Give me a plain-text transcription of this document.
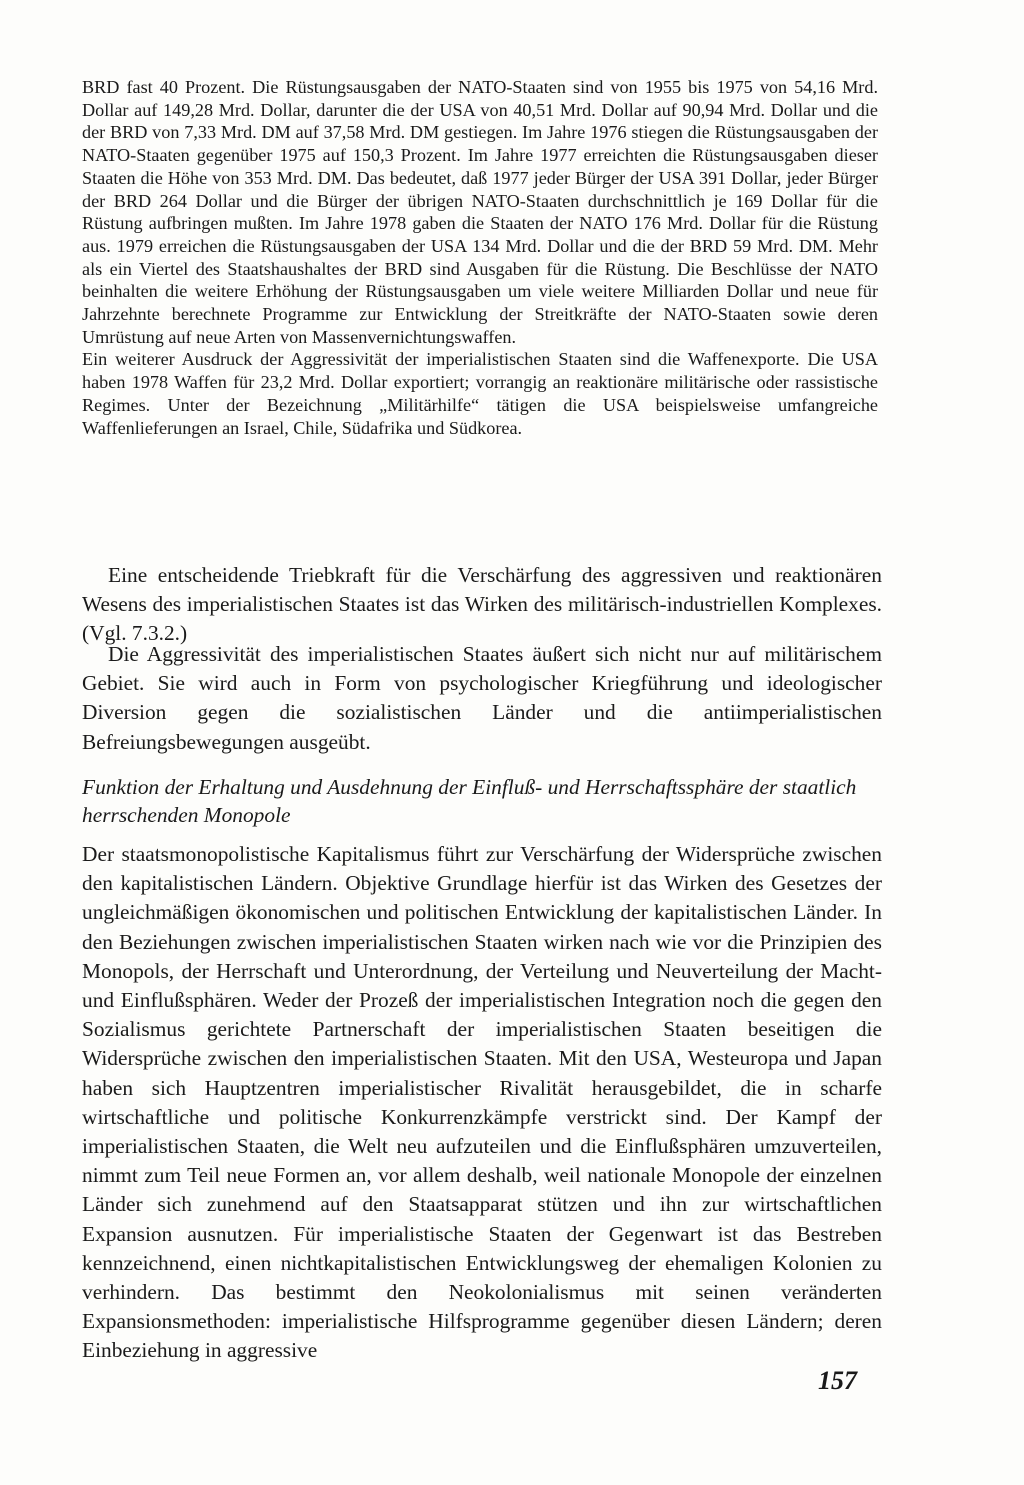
BRD fast 40 Prozent. Die Rüstungsausgaben der NATO-Staaten sind von 1955 bis 1975 von 54,16 Mrd. Dollar auf 149,28 Mrd. Dollar, darunter die der USA von 40,51 Mrd. Dollar auf 90,94 Mrd. Dollar und die der BRD von 7,33 Mrd. DM auf 37,58 Mrd. DM gestiegen. Im Jahre 1976 stiegen die Rüstungsausgaben der NATO-Staaten gegenüber 1975 auf 150,3 Prozent. Im Jahre 1977 erreichten die Rüstungsausgaben dieser Staaten die Höhe von 353 Mrd. DM. Das bedeutet, daß 1977 jeder Bürger der USA 391 Dollar, jeder Bürger der BRD 264 Dollar und die Bürger der übrigen NATO-Staaten durchschnittlich je 169 Dollar für die Rüstung aufbringen mußten. Im Jahre 1978 gaben die Staaten der NATO 176 Mrd. Dollar für die Rüstung aus. 1979 erreichen die Rüstungsausgaben der USA 134 Mrd. Dollar und die der BRD 59 Mrd. DM. Mehr als ein Viertel des Staatshaushaltes der BRD sind Ausgaben für die Rüstung. Die Beschlüsse der NATO beinhalten die weitere Erhöhung der Rüstungsausgaben um viele weitere Milliarden Dollar und neue für Jahrzehnte berechnete Programme zur Entwicklung der Streitkräfte der NATO-Staaten sowie deren Umrüstung auf neue Arten von Massenvernichtungswaffen.

Ein weiterer Ausdruck der Aggressivität der imperialistischen Staaten sind die Waffenexporte. Die USA haben 1978 Waffen für 23,2 Mrd. Dollar exportiert; vorrangig an reaktionäre militärische oder rassistische Regimes. Unter der Bezeichnung „Militärhilfe“ tätigen die USA beispielsweise umfangreiche Waffenlieferungen an Israel, Chile, Südafrika und Südkorea.

Eine entscheidende Triebkraft für die Verschärfung des aggressiven und reaktionären Wesens des imperialistischen Staates ist das Wirken des militärisch-industriellen Komplexes. (Vgl. 7.3.2.)

Die Aggressivität des imperialistischen Staates äußert sich nicht nur auf militärischem Gebiet. Sie wird auch in Form von psychologischer Kriegführung und ideologischer Diversion gegen die sozialistischen Länder und die antiimperialistischen Befreiungsbewegungen ausgeübt.

Funktion der Erhaltung und Ausdehnung der Einfluß- und Herrschaftssphäre der staatlich herrschenden Monopole

Der staatsmonopolistische Kapitalismus führt zur Verschärfung der Widersprüche zwischen den kapitalistischen Ländern. Objektive Grundlage hierfür ist das Wirken des Gesetzes der ungleichmäßigen ökonomischen und politischen Entwicklung der kapitalistischen Länder. In den Beziehungen zwischen imperialistischen Staaten wirken nach wie vor die Prinzipien des Monopols, der Herrschaft und Unterordnung, der Verteilung und Neuverteilung der Macht- und Einflußsphären. Weder der Prozeß der imperialistischen Integration noch die gegen den Sozialismus gerichtete Partnerschaft der imperialistischen Staaten beseitigen die Widersprüche zwischen den imperialistischen Staaten. Mit den USA, Westeuropa und Japan haben sich Hauptzentren imperialistischer Rivalität herausgebildet, die in scharfe wirtschaftliche und politische Konkurrenzkämpfe verstrickt sind. Der Kampf der imperialistischen Staaten, die Welt neu aufzuteilen und die Einflußsphären umzuverteilen, nimmt zum Teil neue Formen an, vor allem deshalb, weil nationale Monopole der einzelnen Länder sich zunehmend auf den Staatsapparat stützen und ihn zur wirtschaftlichen Expansion ausnutzen. Für imperialistische Staaten der Gegenwart ist das Bestreben kennzeichnend, einen nichtkapitalistischen Entwicklungsweg der ehemaligen Kolonien zu verhindern. Das bestimmt den Neokolonialismus mit seinen veränderten Expansionsmethoden: imperialistische Hilfsprogramme gegenüber diesen Ländern; deren Einbeziehung in aggressive

157
